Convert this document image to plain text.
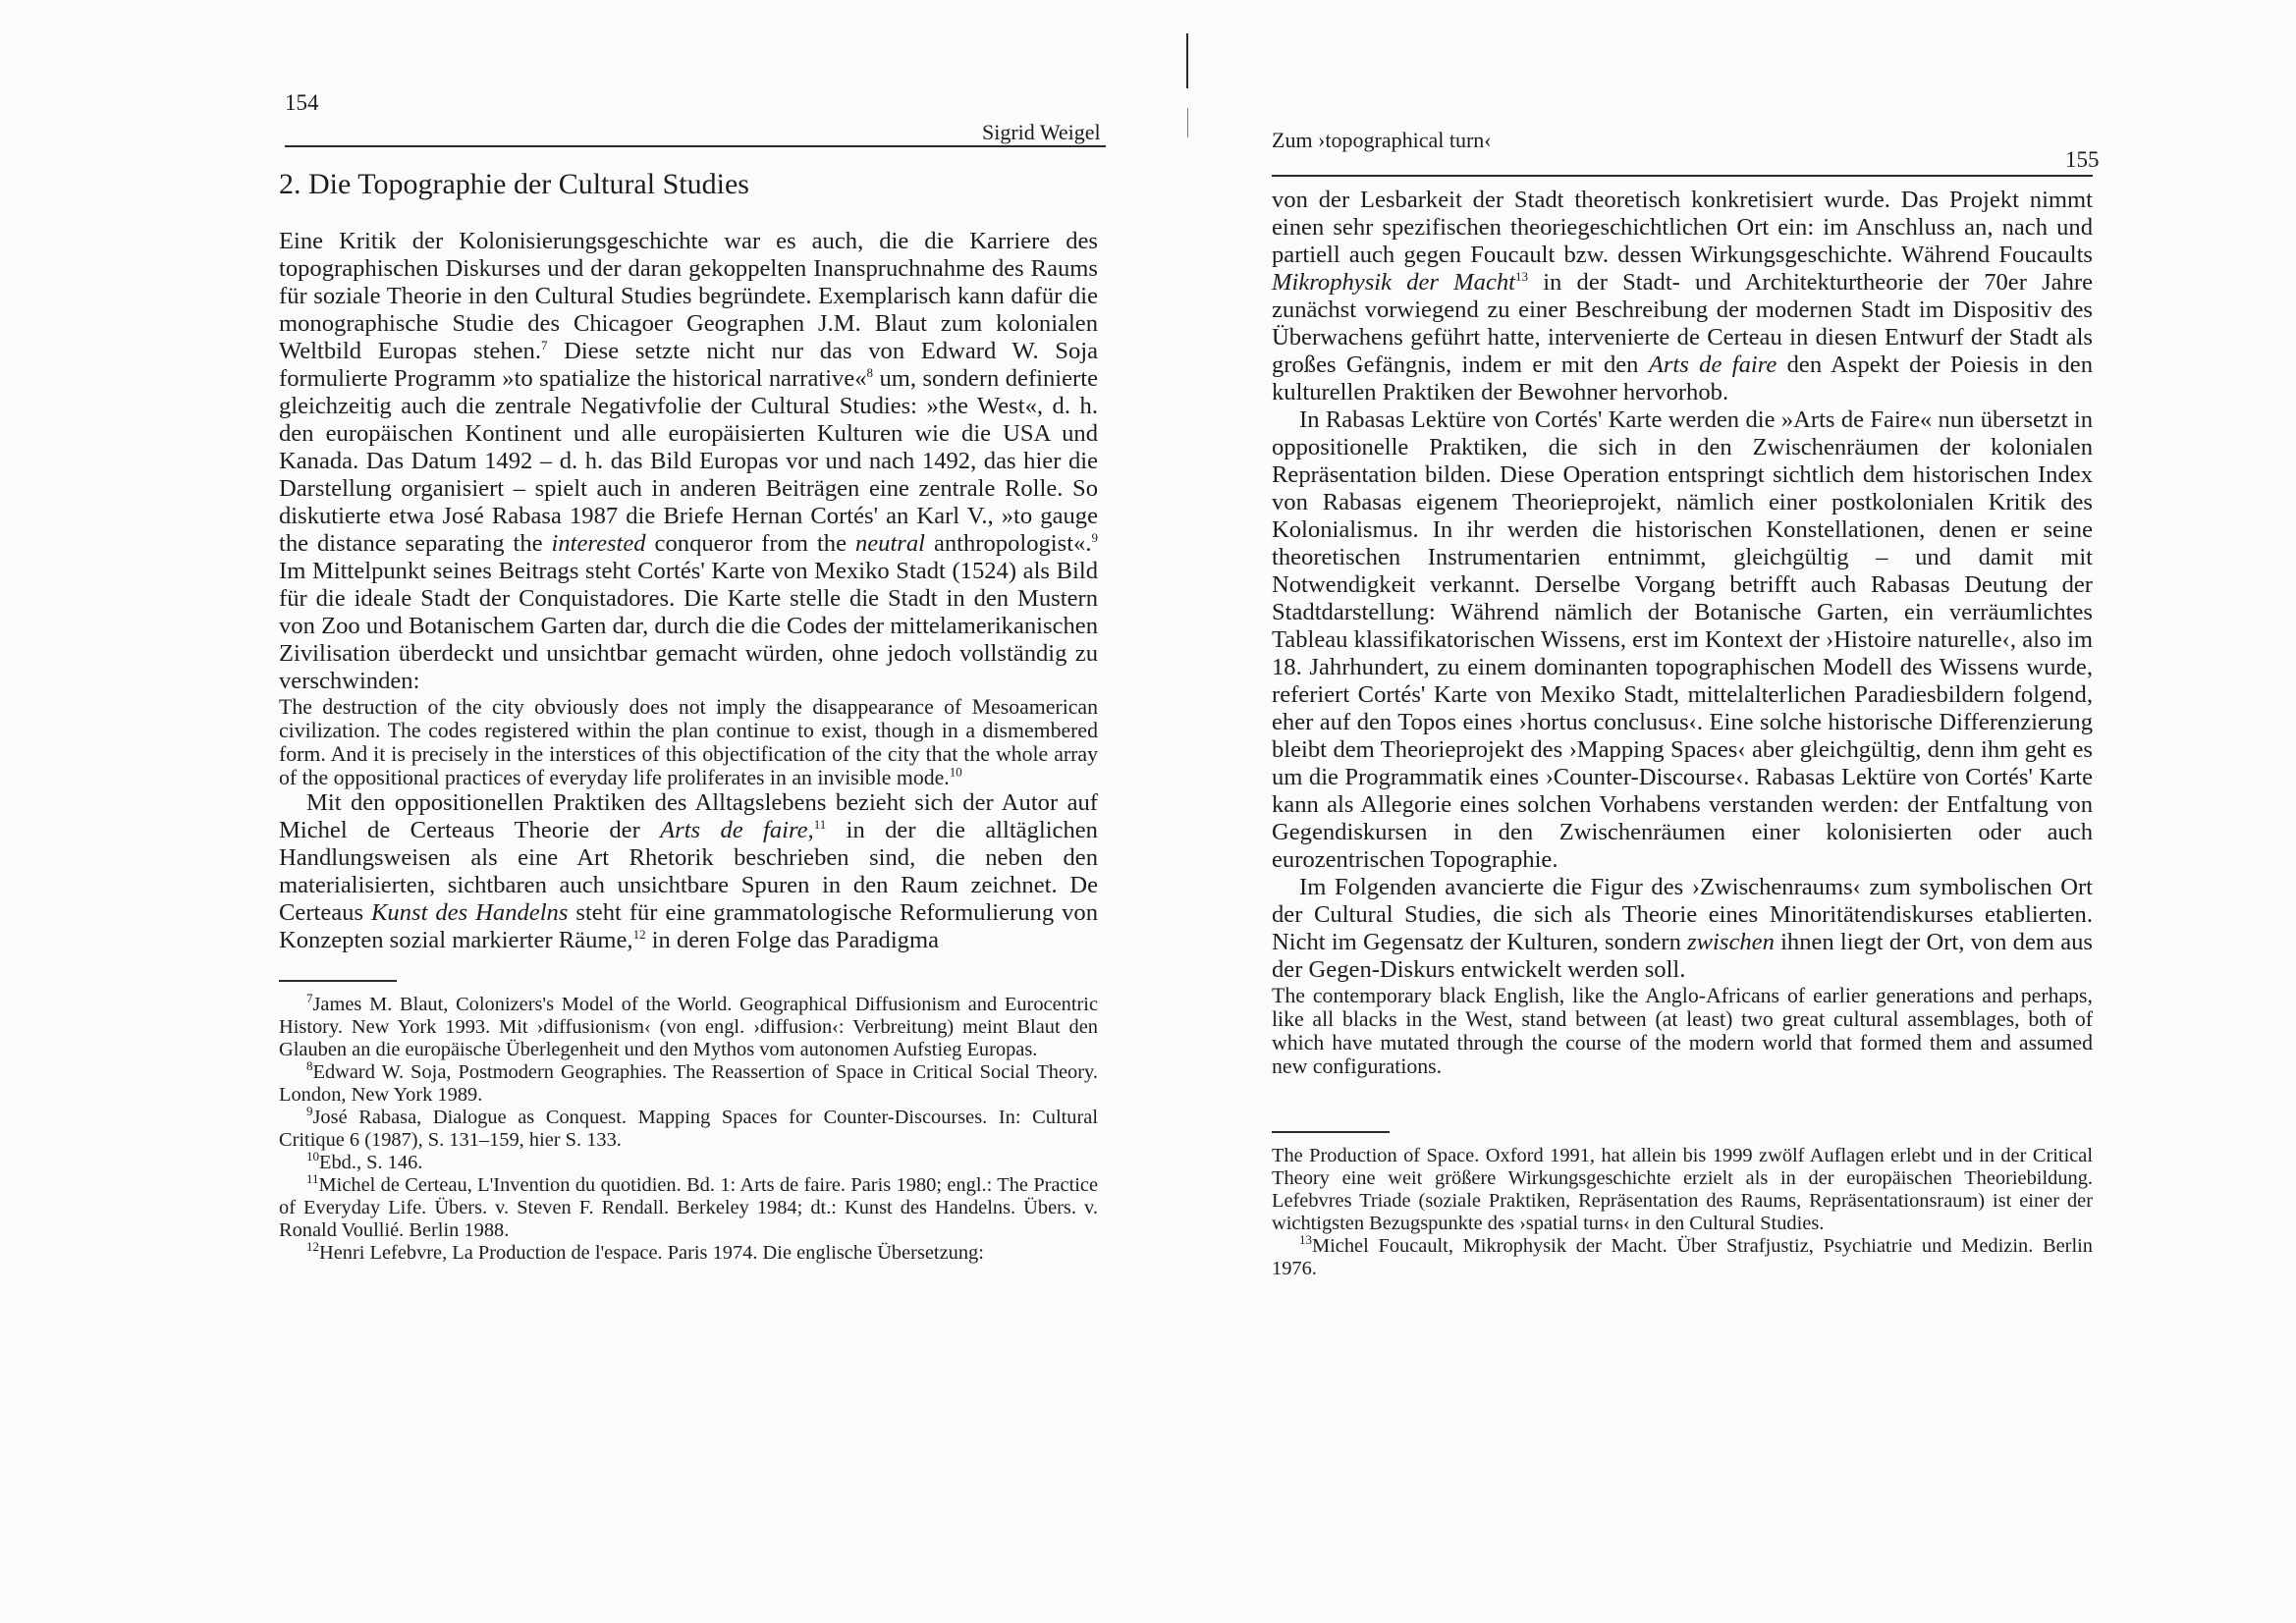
154
Sigrid Weigel
2. Die Topographie der Cultural Studies

Eine Kritik der Kolonisierungsgeschichte war es auch, die die Karriere des topographischen Diskurses und der daran gekoppelten Inanspruchnahme des Raums für soziale Theorie in den Cultural Studies begründete. Exemplarisch kann dafür die monographische Studie des Chicagoer Geographen J.M. Blaut zum kolonialen Weltbild Europas stehen.$^7$ Diese setzte nicht nur das von Edward W. Soja formulierte Programm »to spatialize the historical narrative«$^8$ um, sondern definierte gleichzeitig auch die zentrale Negativfolie der Cultural Studies: »the West«, d. h. den europäischen Kontinent und alle europäisierten Kulturen wie die USA und Kanada. Das Datum 1492 – d. h. das Bild Europas vor und nach 1492, das hier die Darstellung organisiert – spielt auch in anderen Beiträgen eine zentrale Rolle. So diskutierte etwa José Rabasa 1987 die Briefe Hernan Cortés' an Karl V., »to gauge the distance separating the interested conqueror from the neutral anthropologist«.$^9$ Im Mittelpunkt seines Beitrags steht Cortés' Karte von Mexiko Stadt (1524) als Bild für die ideale Stadt der Conquistadores. Die Karte stelle die Stadt in den Mustern von Zoo und Botanischem Garten dar, durch die die Codes der mittelamerikanischen Zivilisation überdeckt und unsichtbar gemacht würden, ohne jedoch vollständig zu verschwinden:

The destruction of the city obviously does not imply the disappearance of Mesoamerican civilization. The codes registered within the plan continue to exist, though in a dismembered form. And it is precisely in the interstices of this objectification of the city that the whole array of the oppositional practices of everyday life proliferates in an invisible mode.$^{10}$

Mit den oppositionellen Praktiken des Alltagslebens bezieht sich der Autor auf Michel de Certeaus Theorie der Arts de faire,$^{11}$ in der die alltäglichen Handlungsweisen als eine Art Rhetorik beschrieben sind, die neben den materialisierten, sichtbaren auch unsichtbare Spuren in den Raum zeichnet. De Certeaus Kunst des Handelns steht für eine grammatologische Reformulierung von Konzepten sozial markierter Räume,$^{12}$ in deren Folge das Paradigma

$^7$James M. Blaut, Colonizers's Model of the World. Geographical Diffusionism and Eurocentric History. New York 1993. Mit ›diffusionism‹ (von engl. ›diffusion‹: Verbreitung) meint Blaut den Glauben an die europäische Überlegenheit und den Mythos vom autonomen Aufstieg Europas.

$^8$Edward W. Soja, Postmodern Geographies. The Reassertion of Space in Critical Social Theory. London, New York 1989.

$^9$José Rabasa, Dialogue as Conquest. Mapping Spaces for Counter-Discourses. In: Cultural Critique 6 (1987), S. 131–159, hier S. 133.

$^{10}$Ebd., S. 146.

$^{11}$Michel de Certeau, L'Invention du quotidien. Bd. 1: Arts de faire. Paris 1980; engl.: The Practice of Everyday Life. Übers. v. Steven F. Rendall. Berkeley 1984; dt.: Kunst des Handelns. Übers. v. Ronald Voullié. Berlin 1988.

$^{12}$Henri Lefebvre, La Production de l'espace. Paris 1974. Die englische Übersetzung:

Zum ›topographical turn‹
155

von der Lesbarkeit der Stadt theoretisch konkretisiert wurde. Das Projekt nimmt einen sehr spezifischen theoriegeschichtlichen Ort ein: im Anschluss an, nach und partiell auch gegen Foucault bzw. dessen Wirkungsgeschichte. Während Foucaults Mikrophysik der Macht$^{13}$ in der Stadt- und Architekturtheorie der 70er Jahre zunächst vorwiegend zu einer Beschreibung der modernen Stadt im Dispositiv des Überwachens geführt hatte, intervenierte de Certeau in diesen Entwurf der Stadt als großes Gefängnis, indem er mit den Arts de faire den Aspekt der Poiesis in den kulturellen Praktiken der Bewohner hervorhob.

In Rabasas Lektüre von Cortés' Karte werden die »Arts de Faire« nun übersetzt in oppositionelle Praktiken, die sich in den Zwischenräumen der kolonialen Repräsentation bilden. Diese Operation entspringt sichtlich dem historischen Index von Rabasas eigenem Theorieprojekt, nämlich einer postkolonialen Kritik des Kolonialismus. In ihr werden die historischen Konstellationen, denen er seine theoretischen Instrumentarien entnimmt, gleichgültig – und damit mit Notwendigkeit verkannt. Derselbe Vorgang betrifft auch Rabasas Deutung der Stadtdarstellung: Während nämlich der Botanische Garten, ein verräumlichtes Tableau klassifikatorischen Wissens, erst im Kontext der ›Histoire naturelle‹, also im 18. Jahrhundert, zu einem dominanten topographischen Modell des Wissens wurde, referiert Cortés' Karte von Mexiko Stadt, mittelalterlichen Paradiesbildern folgend, eher auf den Topos eines ›hortus conclusus‹. Eine solche historische Differenzierung bleibt dem Theorieprojekt des ›Mapping Spaces‹ aber gleichgültig, denn ihm geht es um die Programmatik eines ›Counter-Discourse‹. Rabasas Lektüre von Cortés' Karte kann als Allegorie eines solchen Vorhabens verstanden werden: der Entfaltung von Gegendiskursen in den Zwischenräumen einer kolonisierten oder auch eurozentrischen Topographie.

Im Folgenden avancierte die Figur des ›Zwischenraums‹ zum symbolischen Ort der Cultural Studies, die sich als Theorie eines Minoritätendiskurses etablierten. Nicht im Gegensatz der Kulturen, sondern zwischen ihnen liegt der Ort, von dem aus der Gegen-Diskurs entwickelt werden soll.

The contemporary black English, like the Anglo-Africans of earlier generations and perhaps, like all blacks in the West, stand between (at least) two great cultural assemblages, both of which have mutated through the course of the modern world that formed them and assumed new configurations.

The Production of Space. Oxford 1991, hat allein bis 1999 zwölf Auflagen erlebt und in der Critical Theory eine weit größere Wirkungsgeschichte erzielt als in der europäischen Theoriebildung. Lefebvres Triade (soziale Praktiken, Repräsentation des Raums, Repräsentationsraum) ist einer der wichtigsten Bezugspunkte des ›spatial turns‹ in den Cultural Studies.

$^{13}$Michel Foucault, Mikrophysik der Macht. Über Strafjustiz, Psychiatrie und Medizin. Berlin 1976.
